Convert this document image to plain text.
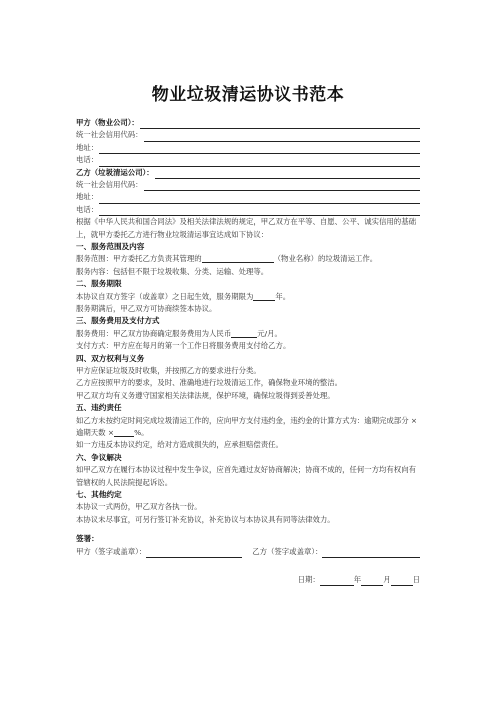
物业垃圾清运协议书范本
甲方（物业公司）：
统一社会信用代码：
地址：
电话：
乙方（垃圾清运公司）：
统一社会信用代码：
地址：
电话：
根据《中华人民共和国合同法》及相关法律法规的规定，甲乙双方在平等、自愿、公平、诚实信用的基础上，就甲方委托乙方进行物业垃圾清运事宜达成如下协议：
一、服务范围及内容
服务范围：甲方委托乙方负责其管理的	（物业名称）的垃圾清运工作。
服务内容：包括但不限于垃圾收集、分类、运输、处理等。
二、服务期限
本协议自双方签字（或盖章）之日起生效，服务期限为	年。
服务期满后，甲乙双方可协商续签本协议。
三、服务费用及支付方式
服务费用：甲乙双方协商确定服务费用为人民币	元/月。
支付方式：甲方应在每月的第一个工作日将服务费用支付给乙方。
四、双方权利与义务
甲方应保证垃圾及时收集，并按照乙方的要求进行分类。
乙方应按照甲方的要求，及时、准确地进行垃圾清运工作，确保物业环境的整洁。
甲乙双方均有义务遵守国家相关法律法规，保护环境，确保垃圾得到妥善处理。
五、违约责任
如乙方未按约定时间完成垃圾清运工作的，应向甲方支付违约金，违约金的计算方式为：逾期完成部分 × 逾期天数 ×	%。
如一方违反本协议约定，给对方造成损失的，应承担赔偿责任。
六、争议解决
如甲乙双方在履行本协议过程中发生争议，应首先通过友好协商解决；协商不成的，任何一方均有权向有管辖权的人民法院提起诉讼。
七、其他约定
本协议一式两份，甲乙双方各执一份。
本协议未尽事宜，可另行签订补充协议，补充协议与本协议具有同等法律效力。
签署：
甲方（签字或盖章）：	乙方（签字或盖章）：
日期：	年	月	日
